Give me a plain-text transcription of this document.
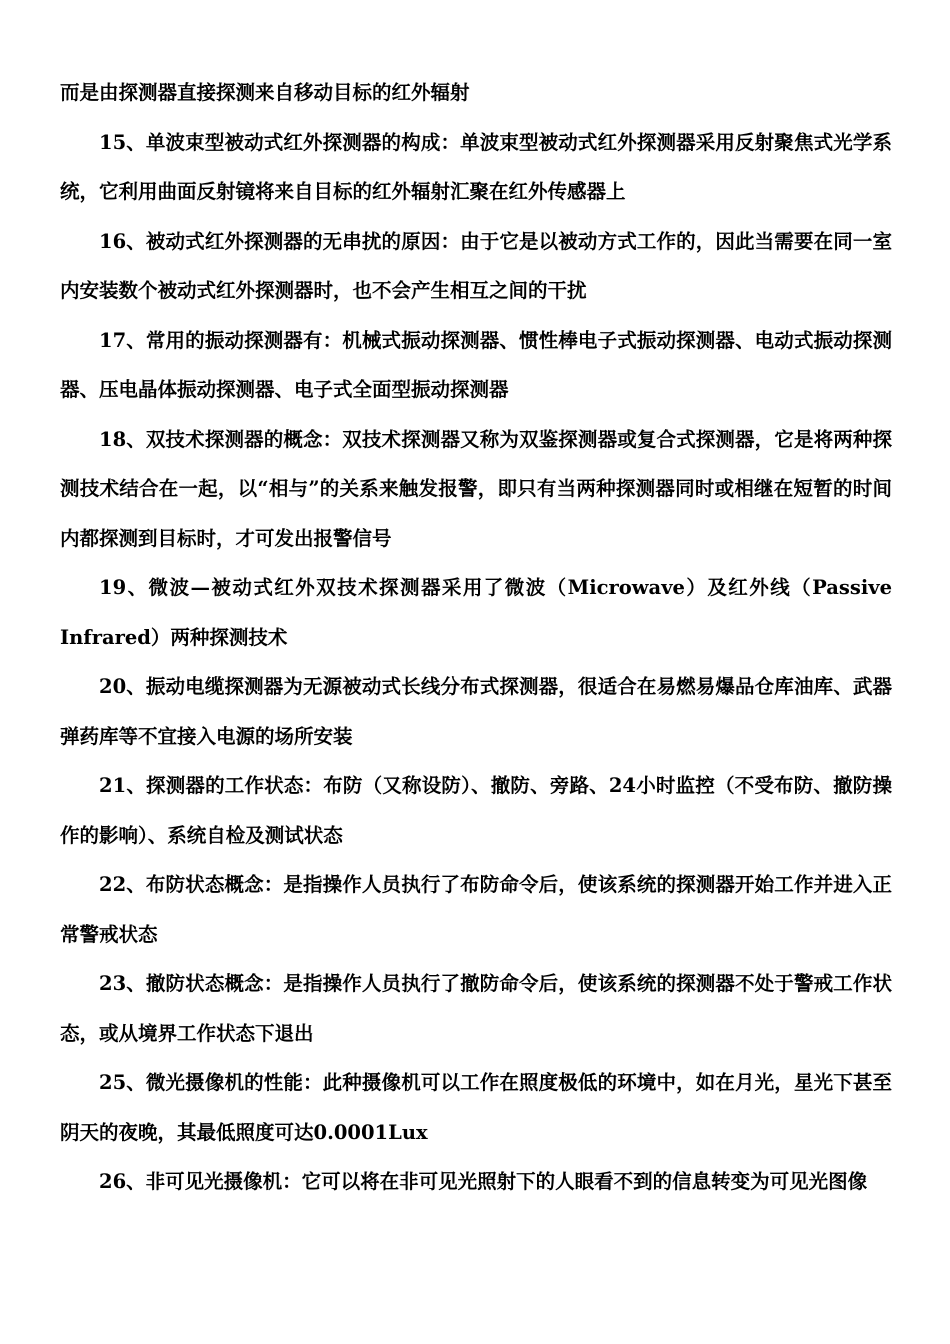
而是由探测器直接探测来自移动目标的红外辐射

15、单波束型被动式红外探测器的构成：单波束型被动式红外探测器采用反射聚焦式光学系统，它利用曲面反射镜将来自目标的红外辐射汇聚在红外传感器上

16、被动式红外探测器的无串扰的原因：由于它是以被动方式工作的，因此当需要在同一室内安装数个被动式红外探测器时，也不会产生相互之间的干扰

17、常用的振动探测器有：机械式振动探测器、惯性棒电子式振动探测器、电动式振动探测器、压电晶体振动探测器、电子式全面型振动探测器

18、双技术探测器的概念：双技术探测器又称为双鉴探测器或复合式探测器，它是将两种探测技术结合在一起，以“相与”的关系来触发报警，即只有当两种探测器同时或相继在短暂的时间内都探测到目标时，才可发出报警信号

19、微波—被动式红外双技术探测器采用了微波（Microwave）及红外线（Passive Infrared）两种探测技术

20、振动电缆探测器为无源被动式长线分布式探测器，很适合在易燃易爆品仓库油库、武器弹药库等不宜接入电源的场所安装

21、探测器的工作状态：布防（又称设防）、撤防、旁路、24小时监控（不受布防、撤防操作的影响）、系统自检及测试状态

22、布防状态概念：是指操作人员执行了布防命令后，使该系统的探测器开始工作并进入正常警戒状态

23、撤防状态概念：是指操作人员执行了撤防命令后，使该系统的探测器不处于警戒工作状态，或从境界工作状态下退出

25、微光摄像机的性能：此种摄像机可以工作在照度极低的环境中，如在月光，星光下甚至阴天的夜晚，其最低照度可达0.0001Lux

26、非可见光摄像机：它可以将在非可见光照射下的人眼看不到的信息转变为可见光图像
